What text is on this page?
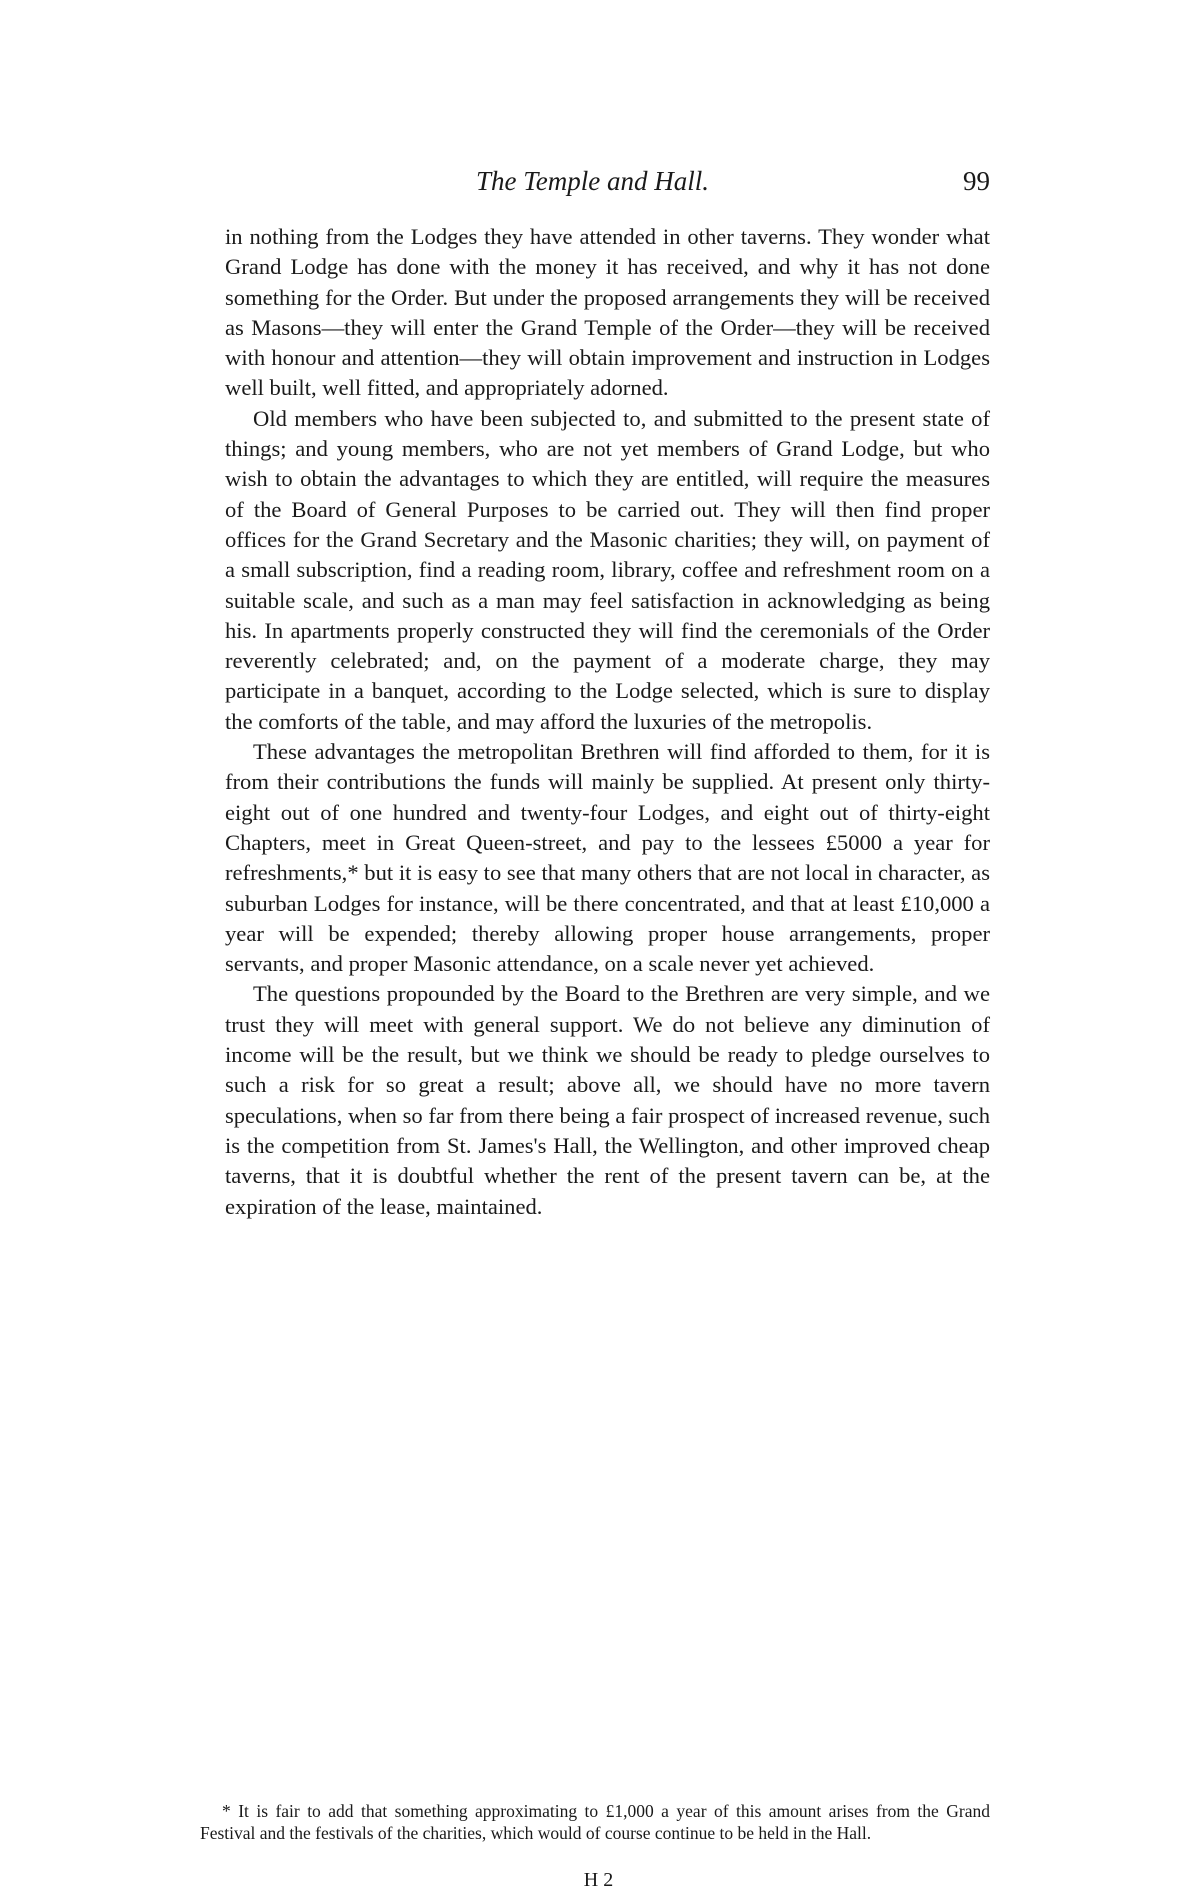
The Temple and Hall.	99

in nothing from the Lodges they have attended in other taverns. They wonder what Grand Lodge has done with the money it has received, and why it has not done something for the Order. But under the proposed arrangements they will be received as Masons—they will enter the Grand Temple of the Order—they will be received with honour and attention—they will obtain improvement and instruction in Lodges well built, well fitted, and appropriately adorned.

Old members who have been subjected to, and submitted to the present state of things; and young members, who are not yet members of Grand Lodge, but who wish to obtain the advantages to which they are entitled, will require the measures of the Board of General Purposes to be carried out. They will then find proper offices for the Grand Secretary and the Masonic charities; they will, on payment of a small subscription, find a reading room, library, coffee and refreshment room on a suitable scale, and such as a man may feel satisfaction in acknowledging as being his. In apartments properly constructed they will find the ceremonials of the Order reverently celebrated; and, on the payment of a moderate charge, they may participate in a banquet, according to the Lodge selected, which is sure to display the comforts of the table, and may afford the luxuries of the metropolis.

These advantages the metropolitan Brethren will find afforded to them, for it is from their contributions the funds will mainly be supplied. At present only thirty-eight out of one hundred and twenty-four Lodges, and eight out of thirty-eight Chapters, meet in Great Queen-street, and pay to the lessees £5000 a year for refreshments,* but it is easy to see that many others that are not local in character, as suburban Lodges for instance, will be there concentrated, and that at least £10,000 a year will be expended; thereby allowing proper house arrangements, proper servants, and proper Masonic attendance, on a scale never yet achieved.

The questions propounded by the Board to the Brethren are very simple, and we trust they will meet with general support. We do not believe any diminution of income will be the result, but we think we should be ready to pledge ourselves to such a risk for so great a result; above all, we should have no more tavern speculations, when so far from there being a fair prospect of increased revenue, such is the competition from St. James's Hall, the Wellington, and other improved cheap taverns, that it is doubtful whether the rent of the present tavern can be, at the expiration of the lease, maintained.

* It is fair to add that something approximating to £1,000 a year of this amount arises from the Grand Festival and the festivals of the charities, which would of course continue to be held in the Hall.
H 2
